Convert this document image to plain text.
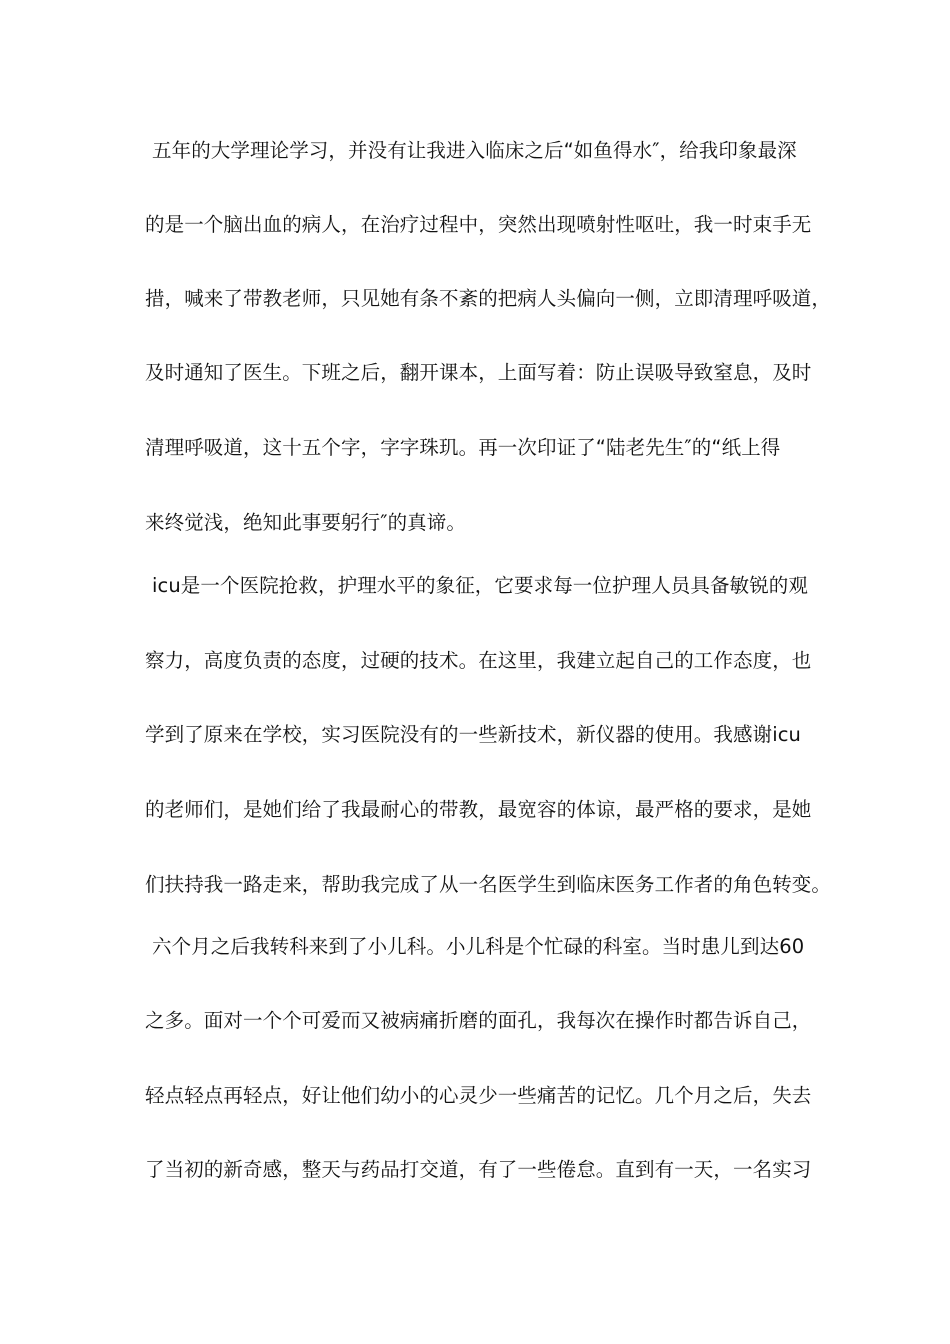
五年的大学理论学习，并没有让我进入临床之后“如鱼得水″，给我印象最深
的是一个脑出血的病人，在治疗过程中，突然出现喷射性呕吐，我一时束手无
措，喊来了带教老师，只见她有条不紊的把病人头偏向一侧，立即清理呼吸道，
及时通知了医生。下班之后，翻开课本，上面写着：防止误吸导致窒息，及时
清理呼吸道，这十五个字，字字珠玑。再一次印证了“陆老先生″的“纸上得
来终觉浅，绝知此事要躬行″的真谛。
icu是一个医院抢救，护理水平的象征，它要求每一位护理人员具备敏锐的观
察力，高度负责的态度，过硬的技术。在这里，我建立起自己的工作态度，也
学到了原来在学校，实习医院没有的一些新技术，新仪器的使用。我感谢icu
的老师们，是她们给了我最耐心的带教，最宽容的体谅，最严格的要求，是她
们扶持我一路走来，帮助我完成了从一名医学生到临床医务工作者的角色转变。
六个月之后我转科来到了小儿科。小儿科是个忙碌的科室。当时患儿到达60
之多。面对一个个可爱而又被病痛折磨的面孔，我每次在操作时都告诉自己，
轻点轻点再轻点，好让他们幼小的心灵少一些痛苦的记忆。几个月之后，失去
了当初的新奇感，整天与药品打交道，有了一些倦怠。直到有一天，一名实习
